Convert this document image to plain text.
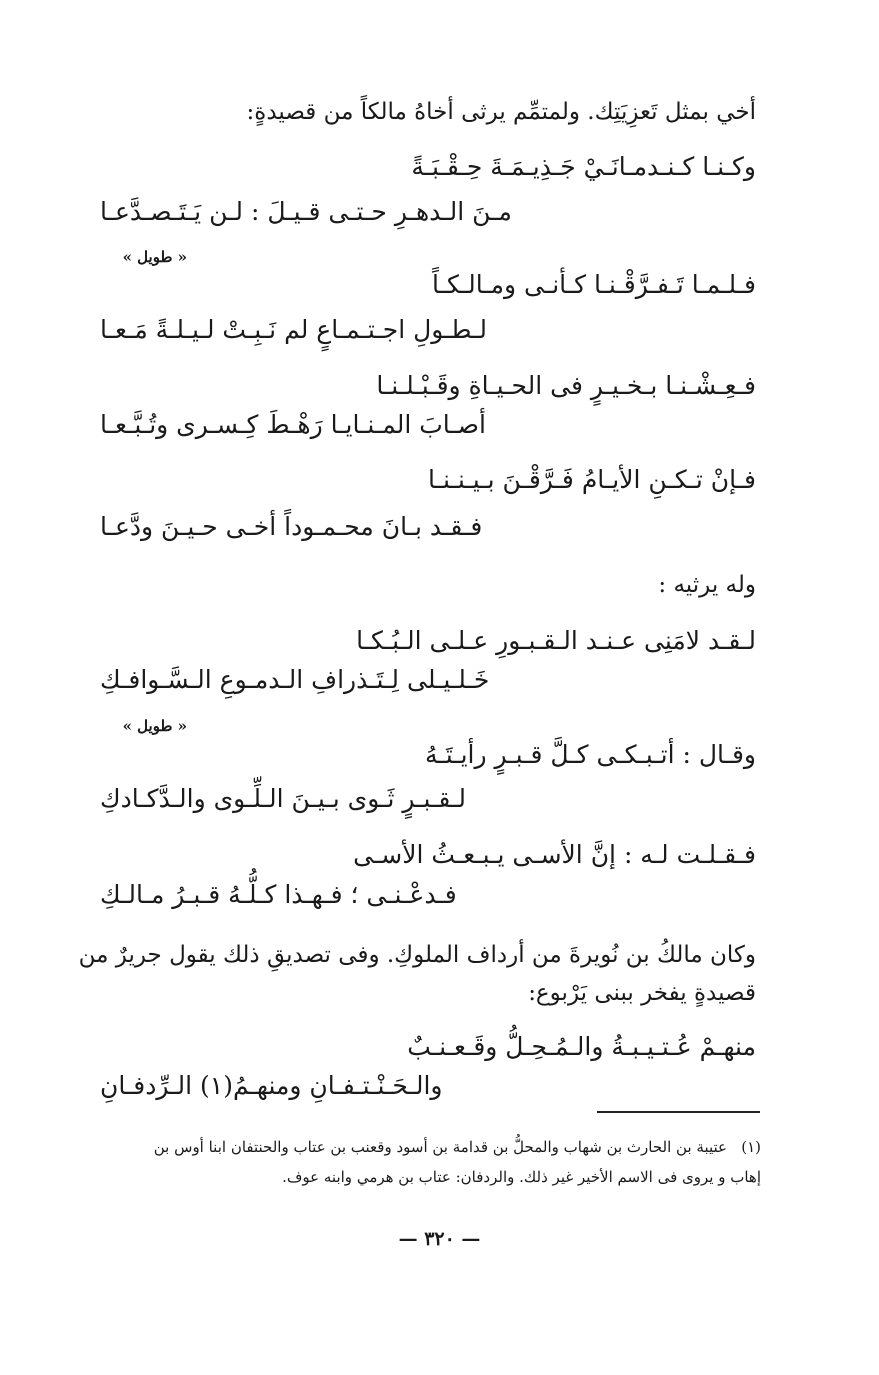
أخي بمثل تَعزِيَتِك. ولمتمِّم يرثى أخاهُ مالكاً من قصيدةٍ:
وكـنـا كـنـدمـانَـيْ جَـذِيـمَـةَ حِـقْـبَـةً
مـنَ الـدهـرِ حـتـى قـيـلَ : لـن يَـتَـصـدَّعـا
« طويل »
فـلـمـا تَـفـرَّقْـنـا كـأنـى ومـالـكـاً
لـطـولِ اجـتـمـاعٍ لم نَـبِـتْ لـيـلـةً مَـعـا
فـعِـشْـنـا بـخـيـرٍ فى الحـيـاةِ وقَـبْـلـنـا
أصـابَ المـنـايـا رَهْـطَ كِـسـرى وتُـبَّـعـا
فـإنْ تـكـنِ الأيـامُ فَـرَّقْـنَ بـيـنـنـا
فـقـد بـانَ محـمـوداً أخـى حـيـنَ ودَّعـا
وله يرثيه :
لـقـد لامَنِى عـنـد الـقـبـورِ عـلـى الـبُـكـا
خَـلـيـلى لِـتَـذرافِ الـدمـوعِ الـسَّـوافـكِ
« طويل »
وقـال : أتـبـكـى كـلَّ قـبـرٍ رأيـتَـهُ
لـقـبـرٍ ثَـوى بـيـنَ الـلِّـوى والـدَّكـادكِ
فـقـلـت لـه : إنَّ الأسـى يـبـعـثُ الأسـى
فـدعْـنـى ؛ فـهـذا كـلُّـهُ قـبـرُ مـالـكِ
وكان مالكُ بن نُويرةَ من أرداف الملوكِ. وفى تصديقِ ذلك يقول جريرٌ من
قصيدةٍ يفخر ببنى يَرْبوع:
منهـمْ عُـتـيـبـةُ والـمُـحِـلُّ وقَـعـنـبٌ
والـحَـنْـتـفـانِ ومنهـمُ(١) الـرِّدفـانِ
(١)
عتيبة بن الحارث بن شهاب والمحلُّ بن قدامة بن أسود وقعنب بن عتاب والحنتفان ابنا أوس بن
إهاب و يروى فى الاسم الأخير غير ذلك. والردفان: عتاب بن هرمي وابنه عوف.
— ٣٢٠ —
